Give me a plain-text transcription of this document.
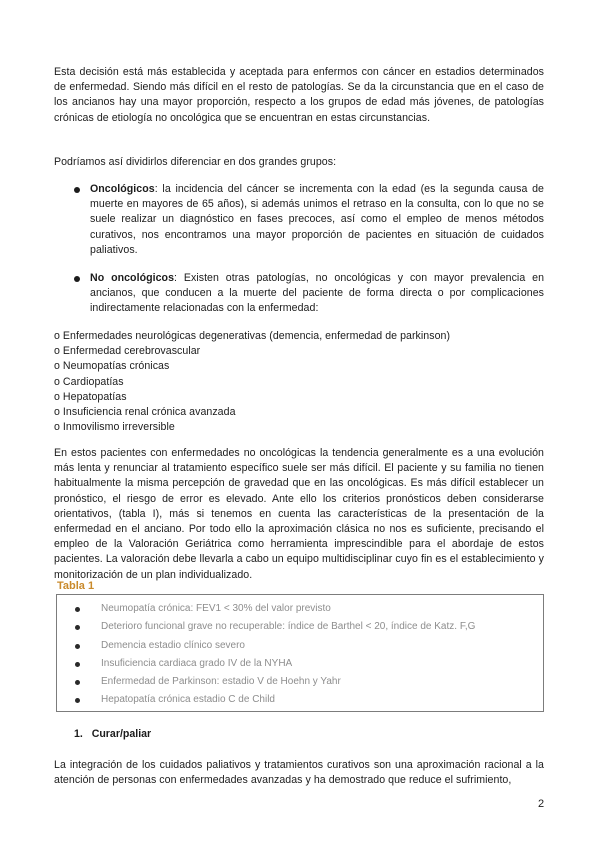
Esta decisión está más establecida y aceptada para enfermos con cáncer en estadios determinados de enfermedad. Siendo más difícil en el resto de patologías. Se da la circunstancia que en el caso de los ancianos hay una mayor proporción, respecto a los grupos de edad más jóvenes, de patologías crónicas de etiología no oncológica que se encuentran en estas circunstancias.

Podríamos así dividirlos diferenciar en dos grandes grupos:

Oncológicos: la incidencia del cáncer se incrementa con la edad (es la segunda causa de muerte en mayores de 65 años), si además unimos el retraso en la consulta, con lo que no se suele realizar un diagnóstico en fases precoces, así como el empleo de menos métodos curativos, nos encontramos una mayor proporción de pacientes en situación de cuidados paliativos.
No oncológicos: Existen otras patologías, no oncológicas y con mayor prevalencia en ancianos, que conducen a la muerte del paciente de forma directa o por complicaciones indirectamente relacionadas con la enfermedad:
o Enfermedades neurológicas degenerativas (demencia, enfermedad de parkinson)
o Enfermedad cerebrovascular
o Neumopatías crónicas
o Cardiopatías
o Hepatopatías
o Insuficiencia renal crónica avanzada
o Inmovilismo irreversible

En estos pacientes con enfermedades no oncológicas la tendencia generalmente es a una evolución más lenta y renunciar al tratamiento específico suele ser más difícil. El paciente y su familia no tienen habitualmente la misma percepción de gravedad que en las oncológicas. Es más difícil establecer un pronóstico, el riesgo de error es elevado. Ante ello los criterios pronósticos deben considerarse orientativos, (tabla I), más si tenemos en cuenta las características de la presentación de la enfermedad en el anciano. Por todo ello la aproximación clásica no nos es suficiente, precisando el empleo de la Valoración Geriátrica como herramienta imprescindible para el abordaje de estos pacientes. La valoración debe llevarla a cabo un equipo multidisciplinar cuyo fin es el establecimiento y monitorización de un plan individualizado.

Tabla 1
Neumopatía crónica: FEV1 < 30% del valor previsto
Deterioro funcional grave no recuperable: índice de Barthel < 20, índice de Katz. F,G
Demencia estadio clínico severo
Insuficiencia cardiaca grado IV de la NYHA
Enfermedad de Parkinson: estadio V de Hoehn y Yahr
Hepatopatía crónica estadio C de Child
1. Curar/paliar

La integración de los cuidados paliativos y tratamientos curativos son una aproximación racional a la atención de personas con enfermedades avanzadas y ha demostrado que reduce el sufrimiento,

2
